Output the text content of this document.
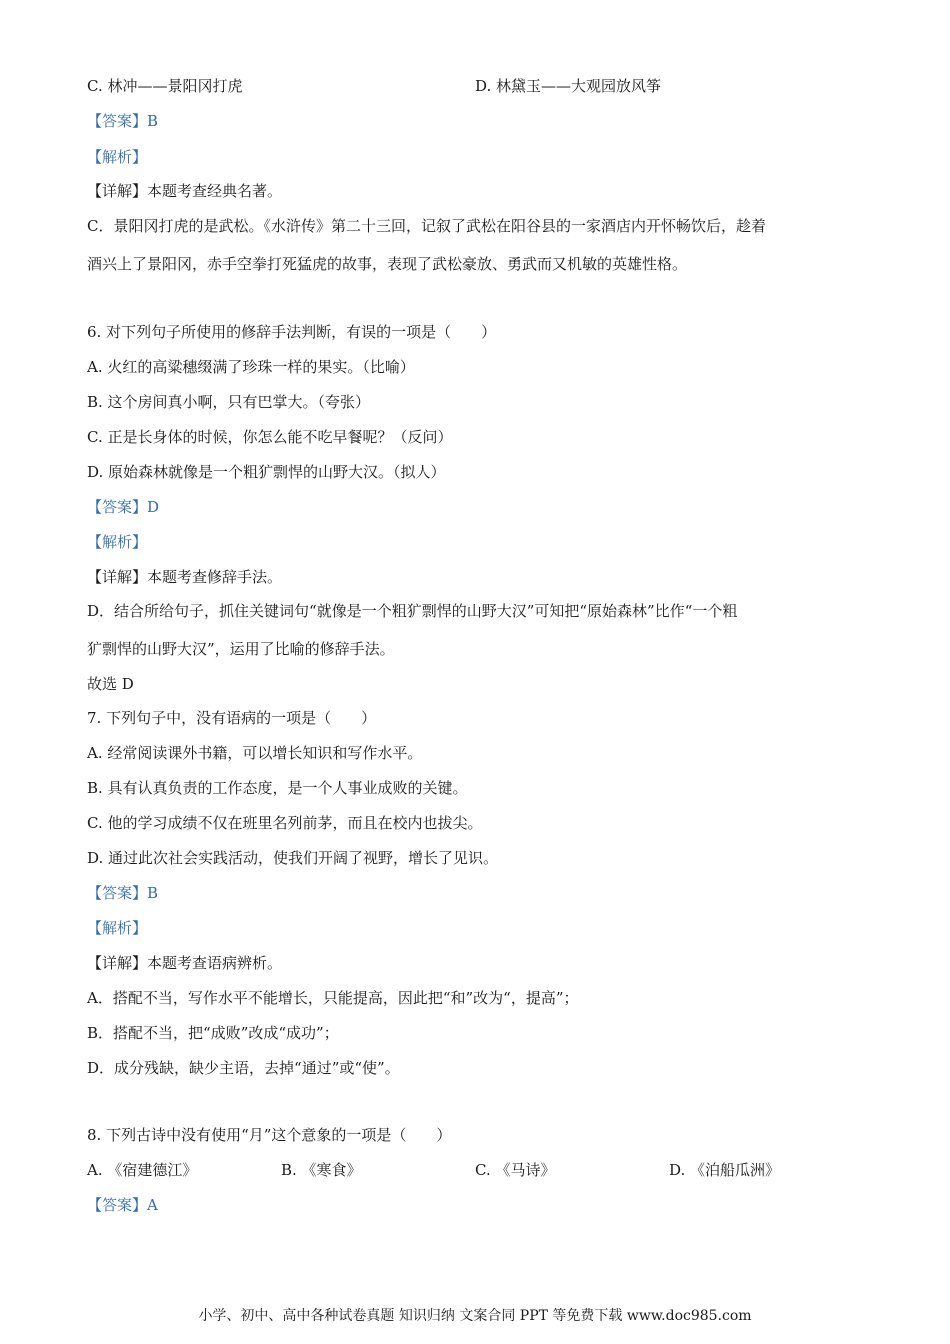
C. 林冲——景阳冈打虎	D. 林黛玉——大观园放风筝
【答案】B
【解析】
【详解】本题考查经典名著。
C．景阳冈打虎的是武松。《水浒传》第二十三回，记叙了武松在阳谷县的一家酒店内开怀畅饮后，趁着
酒兴上了景阳冈，赤手空拳打死猛虎的故事，表现了武松豪放、勇武而又机敏的英雄性格。
6. 对下列句子所使用的修辞手法判断，有误的一项是（　　）
A. 火红的高粱穗缀满了珍珠一样的果实。（比喻）
B. 这个房间真小啊，只有巴掌大。（夸张）
C. 正是长身体的时候，你怎么能不吃早餐呢？（反问）
D. 原始森林就像是一个粗犷剽悍的山野大汉。（拟人）
【答案】D
【解析】
【详解】本题考查修辞手法。
D．结合所给句子，抓住关键词句“就像是一个粗犷剽悍的山野大汉”可知把“原始森林”比作“一个粗
犷剽悍的山野大汉”，运用了比喻的修辞手法。
故选 D
7. 下列句子中，没有语病的一项是（　　）
A. 经常阅读课外书籍，可以增长知识和写作水平。
B. 具有认真负责的工作态度，是一个人事业成败的关键。
C. 他的学习成绩不仅在班里名列前茅，而且在校内也拔尖。
D. 通过此次社会实践活动，使我们开阔了视野，增长了见识。
【答案】B
【解析】
【详解】本题考查语病辨析。
A．搭配不当，写作水平不能增长，只能提高，因此把“和”改为“，提高”；
B．搭配不当，把“成败”改成“成功”；
D．成分残缺，缺少主语，去掉“通过”或“使”。
8. 下列古诗中没有使用“月”这个意象的一项是（　　）
A. 《宿建德江》	B. 《寒食》	C. 《马诗》	D. 《泊船瓜洲》
【答案】A
小学、初中、高中各种试卷真题 知识归纳 文案合同 PPT 等免费下载 www.doc985.com
